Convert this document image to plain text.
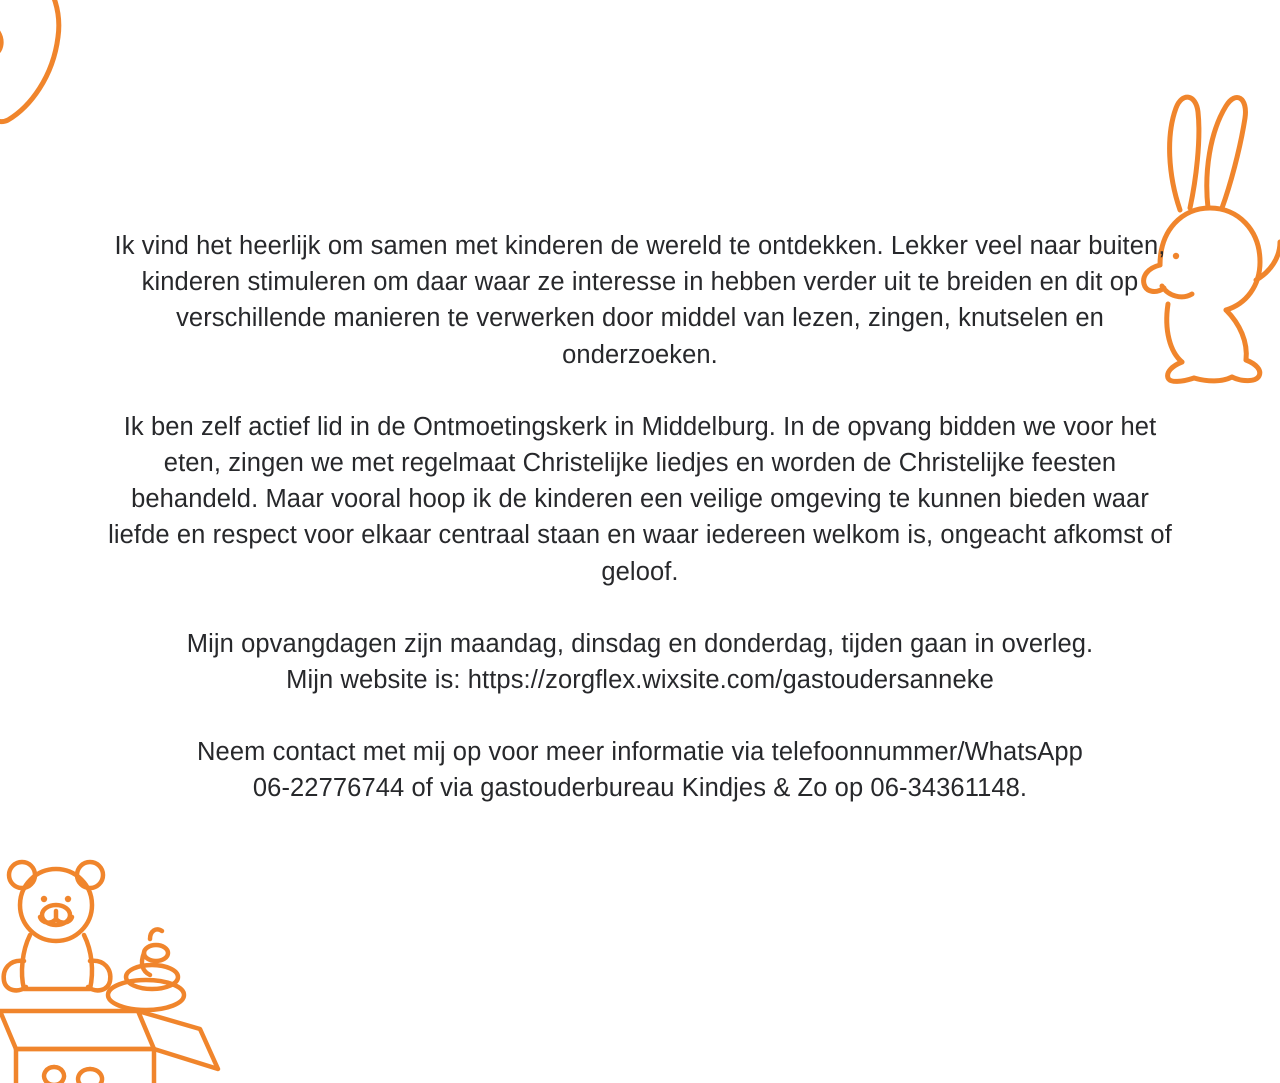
Ik vind het heerlijk om samen met kinderen de wereld te ontdekken. Lekker veel naar buiten, kinderen stimuleren om daar waar ze interesse in hebben verder uit te breiden en dit op verschillende manieren te verwerken door middel van lezen, zingen, knutselen en onderzoeken.

Ik ben zelf actief lid in de Ontmoetingskerk in Middelburg. In de opvang bidden we voor het eten, zingen we met regelmaat Christelijke liedjes en worden de Christelijke feesten behandeld. Maar vooral hoop ik de kinderen een veilige omgeving te kunnen bieden waar liefde en respect voor elkaar centraal staan en waar iedereen welkom is, ongeacht afkomst of geloof.

Mijn opvangdagen zijn maandag, dinsdag en donderdag, tijden gaan in overleg.
Mijn website is: https://zorgflex.wixsite.com/gastoudersanneke

Neem contact met mij op voor meer informatie via telefoonnummer/WhatsApp
06-22776744 of via gastouderbureau Kindjes & Zo op 06-34361148.
